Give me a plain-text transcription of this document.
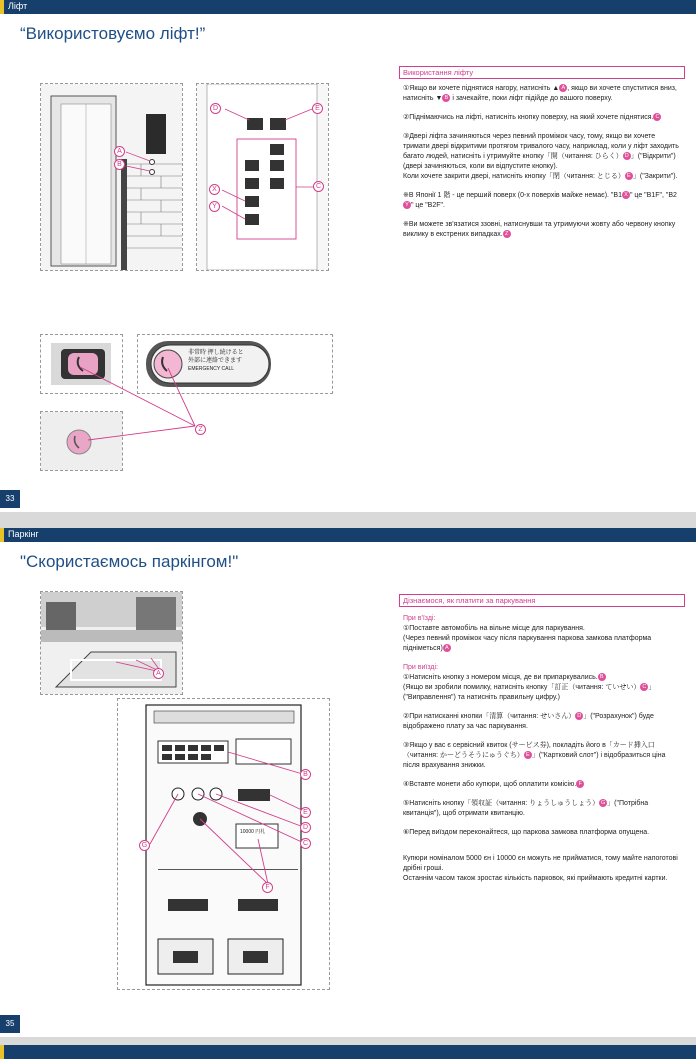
Ліфт
“Використовуємо ліфт!”
A
B
D	E
C
X
Y
非常時 押し続けると
外部に連絡できます
EMERGENCY CALL
Z
Використання ліфту

①Якщо ви хочете піднятися нагору, натисніть ▲ A , якщо ви хочете спуститися вниз, натисніть ▼ B і зачекайте, поки ліфт підійде до вашого поверху.

②Піднімаючись на ліфті, натисніть кнопку поверху, на який хочете піднятися. C

③Двері ліфта зачиняються через певний проміжок часу, тому, якщо ви хочете тримати двері відкритими протягом тривалого часу, наприклад, коли у ліфт заходить багато людей, натисніть і утримуйте кнопку「開（читання: ひらく） D 」("Відкрити") (двері зачиняються, коли ви відпустите кнопку).
Коли хочете закрити двері, натисніть кнопку「閉（читання: とじる） E 」("Закрити").

※В Японії 1 階 - це перший поверх (0-х поверхів майже немає). "B1 X " це "B1F", "B2Y " це "B2F".

※Ви можете зв'язатися ззовні, натиснувши та утримуючи жовту або червону кнопку виклику в екстрених випадках. Z

33
Паркінг
"Скористаємось паркінгом!"
A
B
E
D
C
G
F
10000 円札
Дізнаємося, як платити за паркування
При в'їзді:

①Поставте автомобіль на вільне місце для паркування.
(Через певний проміжок часу після паркування паркова замкова платформа підніметься) A

При виїзді:

①Натисніть кнопку з номером місця, де ви припаркувались. B
(Якщо ви зробили помилку, натисніть кнопку「訂正（читання: ていせい） C 」("Виправлення") та натисніть правильну цифру.)

②При натисканні кнопки「清算（читання: せいさん） D 」("Розрахунок") буде відображено плату за час паркування.

③Якщо у вас є сервісний квиток (サービス券), покладіть його в「カード挿入口（читання: かーどうそうにゅうぐち） E 」("Картковий слот") і відобразиться ціна після врахування знижки.

④Вставте монети або купюри, щоб оплатити комісію. F

⑤Натисніть кнопку「領収証（читання: りょうしゅうしょう） G 」("Потрібна квитанція"), щоб отримати квитанцію.

⑥Перед виїздом переконайтеся, що паркова замкова платформа опущена.

Купюри номіналом 5000 єн і 10000 єн можуть не прийматися, тому майте напоготові дрібні гроші.
Останнім часом також зростає кількість парковок, які приймають кредитні картки.

35
